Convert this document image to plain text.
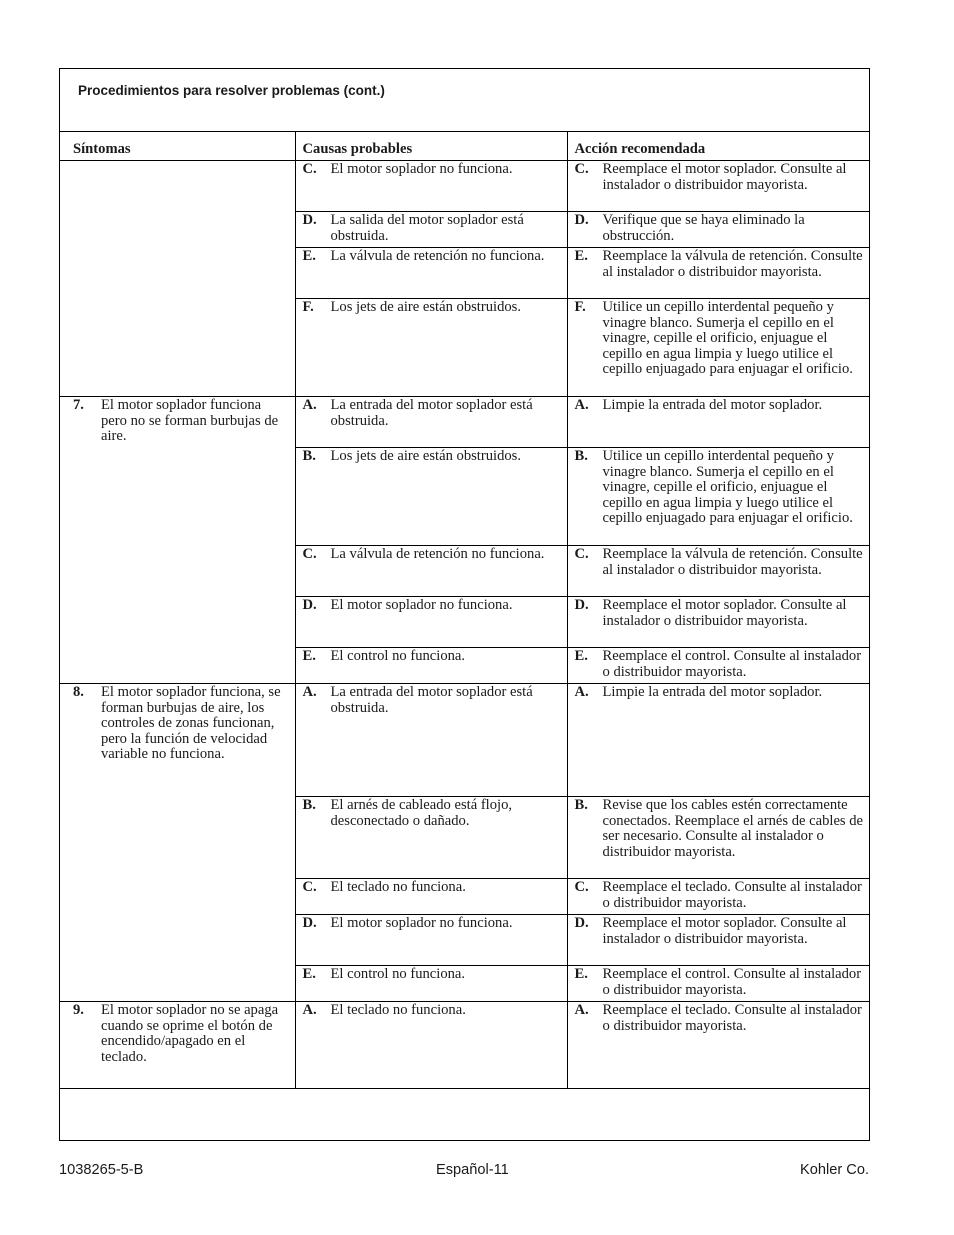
Procedimientos para resolver problemas (cont.)
Síntomas	Causas probables	Acción recomendada

	C. El motor soplador no funciona.	C. Reemplace el motor soplador. Consulte al instalador o distribuidor mayorista.

	D. La salida del motor soplador está obstruida.	D. Verifique que se haya eliminado la obstrucción.

	E. La válvula de retención no funciona.	E. Reemplace la válvula de retención. Consulte al instalador o distribuidor mayorista.

	F. Los jets de aire están obstruidos.	F. Utilice un cepillo interdental pequeño y vinagre blanco. Sumerja el cepillo en el vinagre, cepille el orificio, enjuague el cepillo en agua limpia y luego utilice el cepillo enjuagado para enjuagar el orificio.

7. El motor soplador funciona pero no se forman burbujas de aire.	A. La entrada del motor soplador está obstruida.	A. Limpie la entrada del motor soplador.

	B. Los jets de aire están obstruidos.	B. Utilice un cepillo interdental pequeño y vinagre blanco. Sumerja el cepillo en el vinagre, cepille el orificio, enjuague el cepillo en agua limpia y luego utilice el cepillo enjuagado para enjuagar el orificio.

	C. La válvula de retención no funciona.	C. Reemplace la válvula de retención. Consulte al instalador o distribuidor mayorista.

	D. El motor soplador no funciona.	D. Reemplace el motor soplador. Consulte al instalador o distribuidor mayorista.

	E. El control no funciona.	E. Reemplace el control. Consulte al instalador o distribuidor mayorista.

8. El motor soplador funciona, se forman burbujas de aire, los controles de zonas funcionan, pero la función de velocidad variable no funciona.	A. La entrada del motor soplador está obstruida.	A. Limpie la entrada del motor soplador.

	B. El arnés de cableado está flojo, desconectado o dañado.	B. Revise que los cables estén correctamente conectados. Reemplace el arnés de cables de ser necesario. Consulte al instalador o distribuidor mayorista.

	C. El teclado no funciona.	C. Reemplace el teclado. Consulte al instalador o distribuidor mayorista.

	D. El motor soplador no funciona.	D. Reemplace el motor soplador. Consulte al instalador o distribuidor mayorista.

	E. El control no funciona.	E. Reemplace el control. Consulte al instalador o distribuidor mayorista.

9. El motor soplador no se apaga cuando se oprime el botón de encendido/apagado en el teclado.	A. El teclado no funciona.	A. Reemplace el teclado. Consulte al instalador o distribuidor mayorista.
1038265-5-B	Español-11	Kohler Co.
